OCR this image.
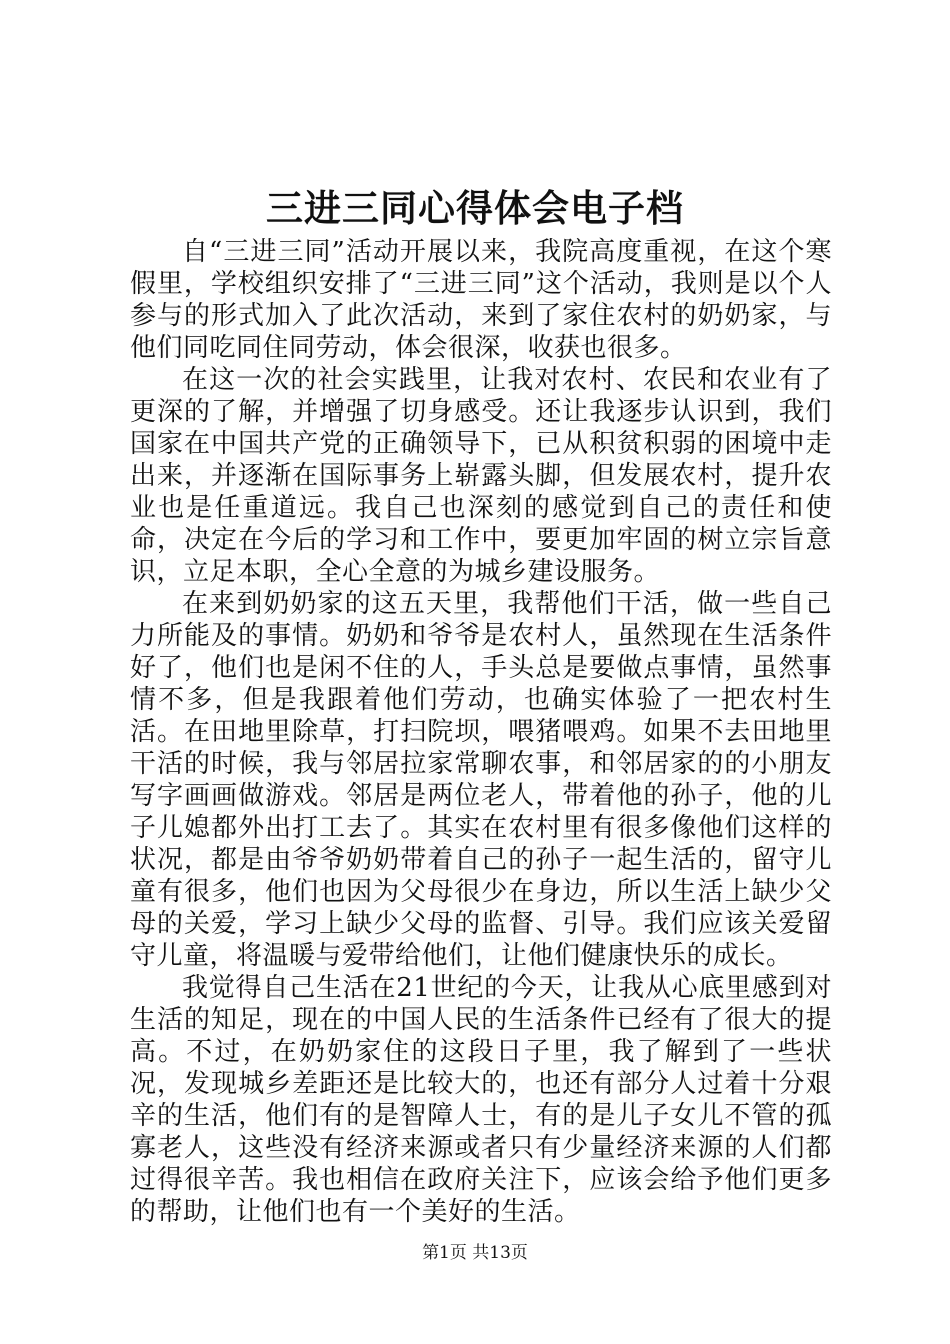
三进三同心得体会电子档

自“三进三同”活动开展以来，我院高度重视，在这个寒假里，学校组织安排了“三进三同”这个活动，我则是以个人参与的形式加入了此次活动，来到了家住农村的奶奶家，与他们同吃同住同劳动，体会很深，收获也很多。

在这一次的社会实践里，让我对农村、农民和农业有了更深的了解，并增强了切身感受。还让我逐步认识到，我们国家在中国共产党的正确领导下，已从积贫积弱的困境中走出来，并逐渐在国际事务上崭露头脚，但发展农村，提升农业也是任重道远。我自己也深刻的感觉到自己的责任和使命，决定在今后的学习和工作中，要更加牢固的树立宗旨意识，立足本职，全心全意的为城乡建设服务。

在来到奶奶家的这五天里，我帮他们干活，做一些自己力所能及的事情。奶奶和爷爷是农村人，虽然现在生活条件好了，他们也是闲不住的人，手头总是要做点事情，虽然事情不多，但是我跟着他们劳动，也确实体验了一把农村生活。在田地里除草，打扫院坝，喂猪喂鸡。如果不去田地里干活的时候，我与邻居拉家常聊农事，和邻居家的的小朋友写字画画做游戏。邻居是两位老人，带着他的孙子，他的儿子儿媳都外出打工去了。其实在农村里有很多像他们这样的状况，都是由爷爷奶奶带着自己的孙子一起生活的，留守儿童有很多，他们也因为父母很少在身边，所以生活上缺少父母的关爱，学习上缺少父母的监督、引导。我们应该关爱留守儿童，将温暖与爱带给他们，让他们健康快乐的成长。

我觉得自己生活在21世纪的今天，让我从心底里感到对生活的知足，现在的中国人民的生活条件已经有了很大的提高。不过，在奶奶家住的这段日子里，我了解到了一些状况，发现城乡差距还是比较大的，也还有部分人过着十分艰辛的生活，他们有的是智障人士，有的是儿子女儿不管的孤寡老人，这些没有经济来源或者只有少量经济来源的人们都过得很辛苦。我也相信在政府关注下，应该会给予他们更多的帮助，让他们也有一个美好的生活。

第1页 共13页
